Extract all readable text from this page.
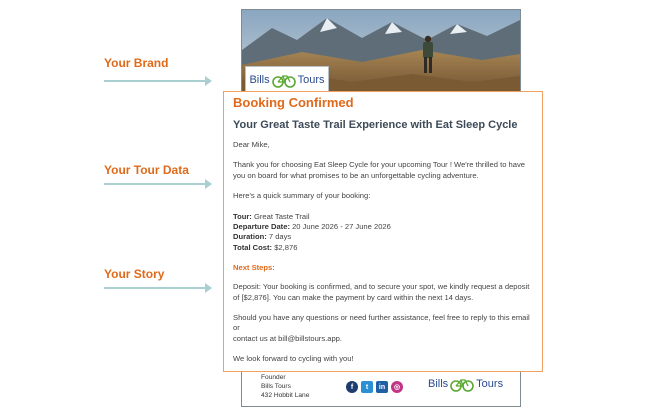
Your Brand
Your Tour Data
Your Story
Bills	Tours
Booking Confirmed
Your Great Taste Trail Experience with Eat Sleep Cycle
Dear Mike,
Thank you for choosing Eat Sleep Cycle for your upcoming Tour ! We're thrilled to have you on board for what promises to be an unforgettable cycling adventure.
Here's a quick summary of your booking:
Tour: Great Taste Trail
Departure Date: 20 June 2026 - 27 June 2026
Duration: 7 days
Total Cost: $2,876
Next Steps:
Deposit: Your booking is confirmed, and to secure your spot, we kindly request a deposit of [$2,876]. You can make the payment by card within the next 14 days.
Should you have any questions or need further assistance, feel free to reply to this email or
contact us at bill@billstours.app.
We look forward to cycling with you!
Founder
Bills Tours
432 Hobbit Lane
f	t	in	◎	Bills	Tours
